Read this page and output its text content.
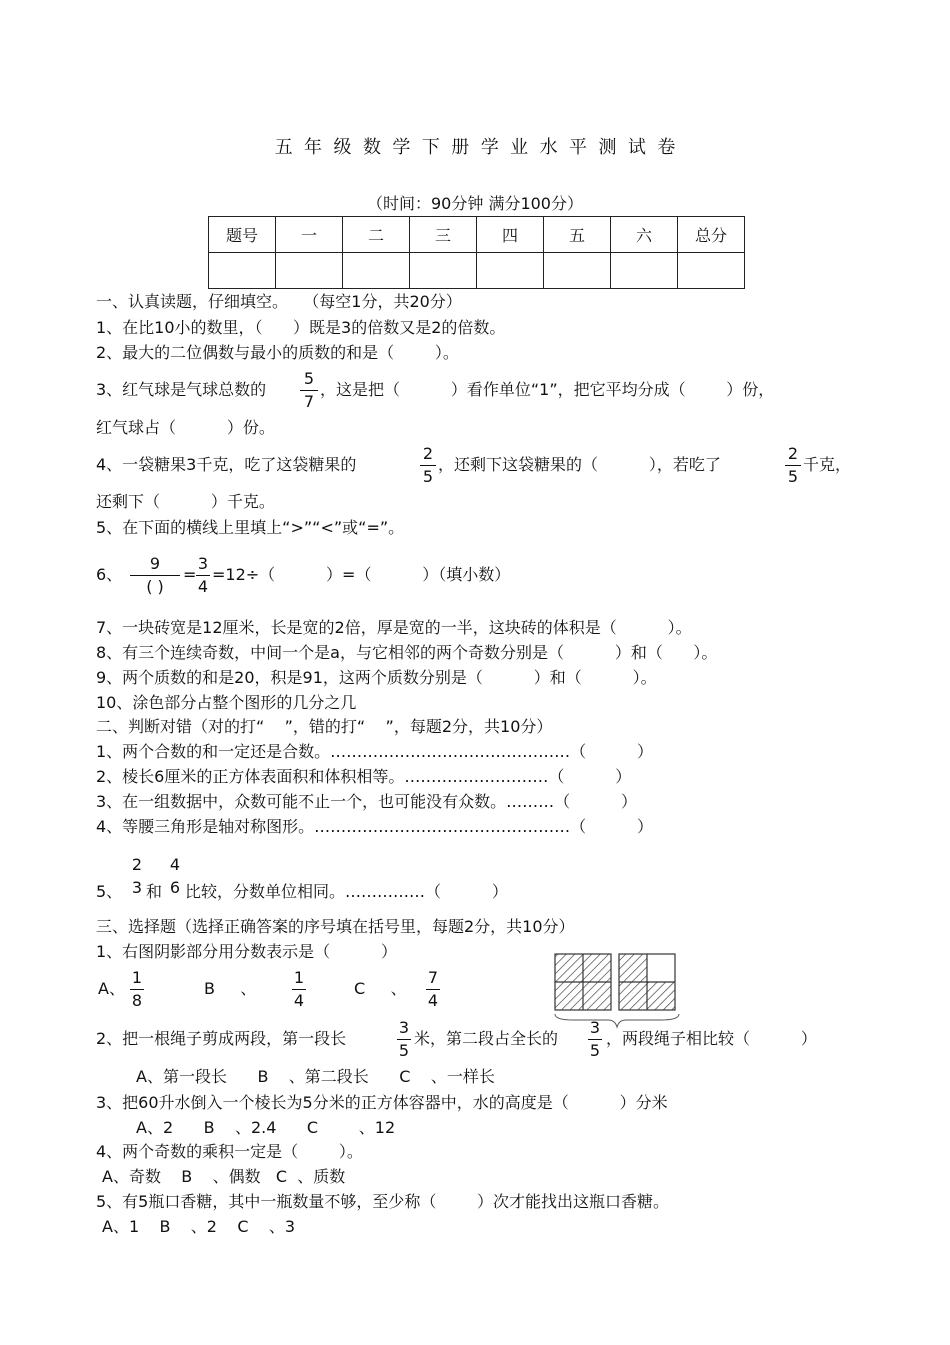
五  年  级  数  学  下  册  学  业  水  平  测  试  卷
（时间：90分钟 满分100分）
题号	一	二	三	四	五	六	总分

一、认真读题，仔细填空。   （每空1分，共20分）
1、在比10小的数里，（      ）既是3的倍数又是2的倍数。
2、最大的二位偶数与最小的质数的和是（        ）。
3、红气球是气球总数的
5
7
，这是把（          ）看作单位“1”，把它平均分成（        ）份，
红气球占（          ）份。
4、一袋糖果3千克，吃了这袋糖果的
2
5
，还剩下这袋糖果的（          ），若吃了
2
5
千克，
还剩下（          ）千克。
5、在下面的横线上里填上“>”“<”或“=”。
6、
9
( )
=
3
4
=12÷（          ）=（          ）（填小数）
7、一块砖宽是12厘米，长是宽的2倍，厚是宽的一半，这块砖的体积是（          ）。
8、有三个连续奇数，中间一个是a，与它相邻的两个奇数分别是（          ）和（      ）。
9、两个质数的和是20，积是91，这两个质数分别是（          ）和（          ）。
10、涂色部分占整个图形的几分之几
二、判断对错（对的打“    ”，错的打“    ”，每题2分，共10分）
1、两个合数的和一定还是合数。………………………………………（          ）
2、棱长6厘米的正方体表面积和体积相等。………………………（          ）
3、在一组数据中，众数可能不止一个，也可能没有众数。………（          ）
4、等腰三角形是轴对称图形。…………………………………………（          ）
5、
2
3 和
4
6 比较，分数单位相同。……………（          ）
三、选择题（选择正确答案的序号填在括号里，每题2分，共10分）
1、右图阴影部分用分数表示是（          ）
A、
1
8
B     、
1
4
C     、
7
4
2、把一根绳子剪成两段，第一段长
3
5
米，第二段占全长的
3
5
，两段绳子相比较（          ）
A、第一段长      B    、第二段长      C    、一样长
3、把60升水倒入一个棱长为5分米的正方体容器中，水的高度是（          ）分米
A、2      B    、2.4      C        、12
4、两个奇数的乘积一定是（        ）。
A、奇数    B    、偶数   C  、质数
5、有5瓶口香糖，其中一瓶数量不够，至少称（        ）次才能找出这瓶口香糖。
A、1    B    、2    C    、3
